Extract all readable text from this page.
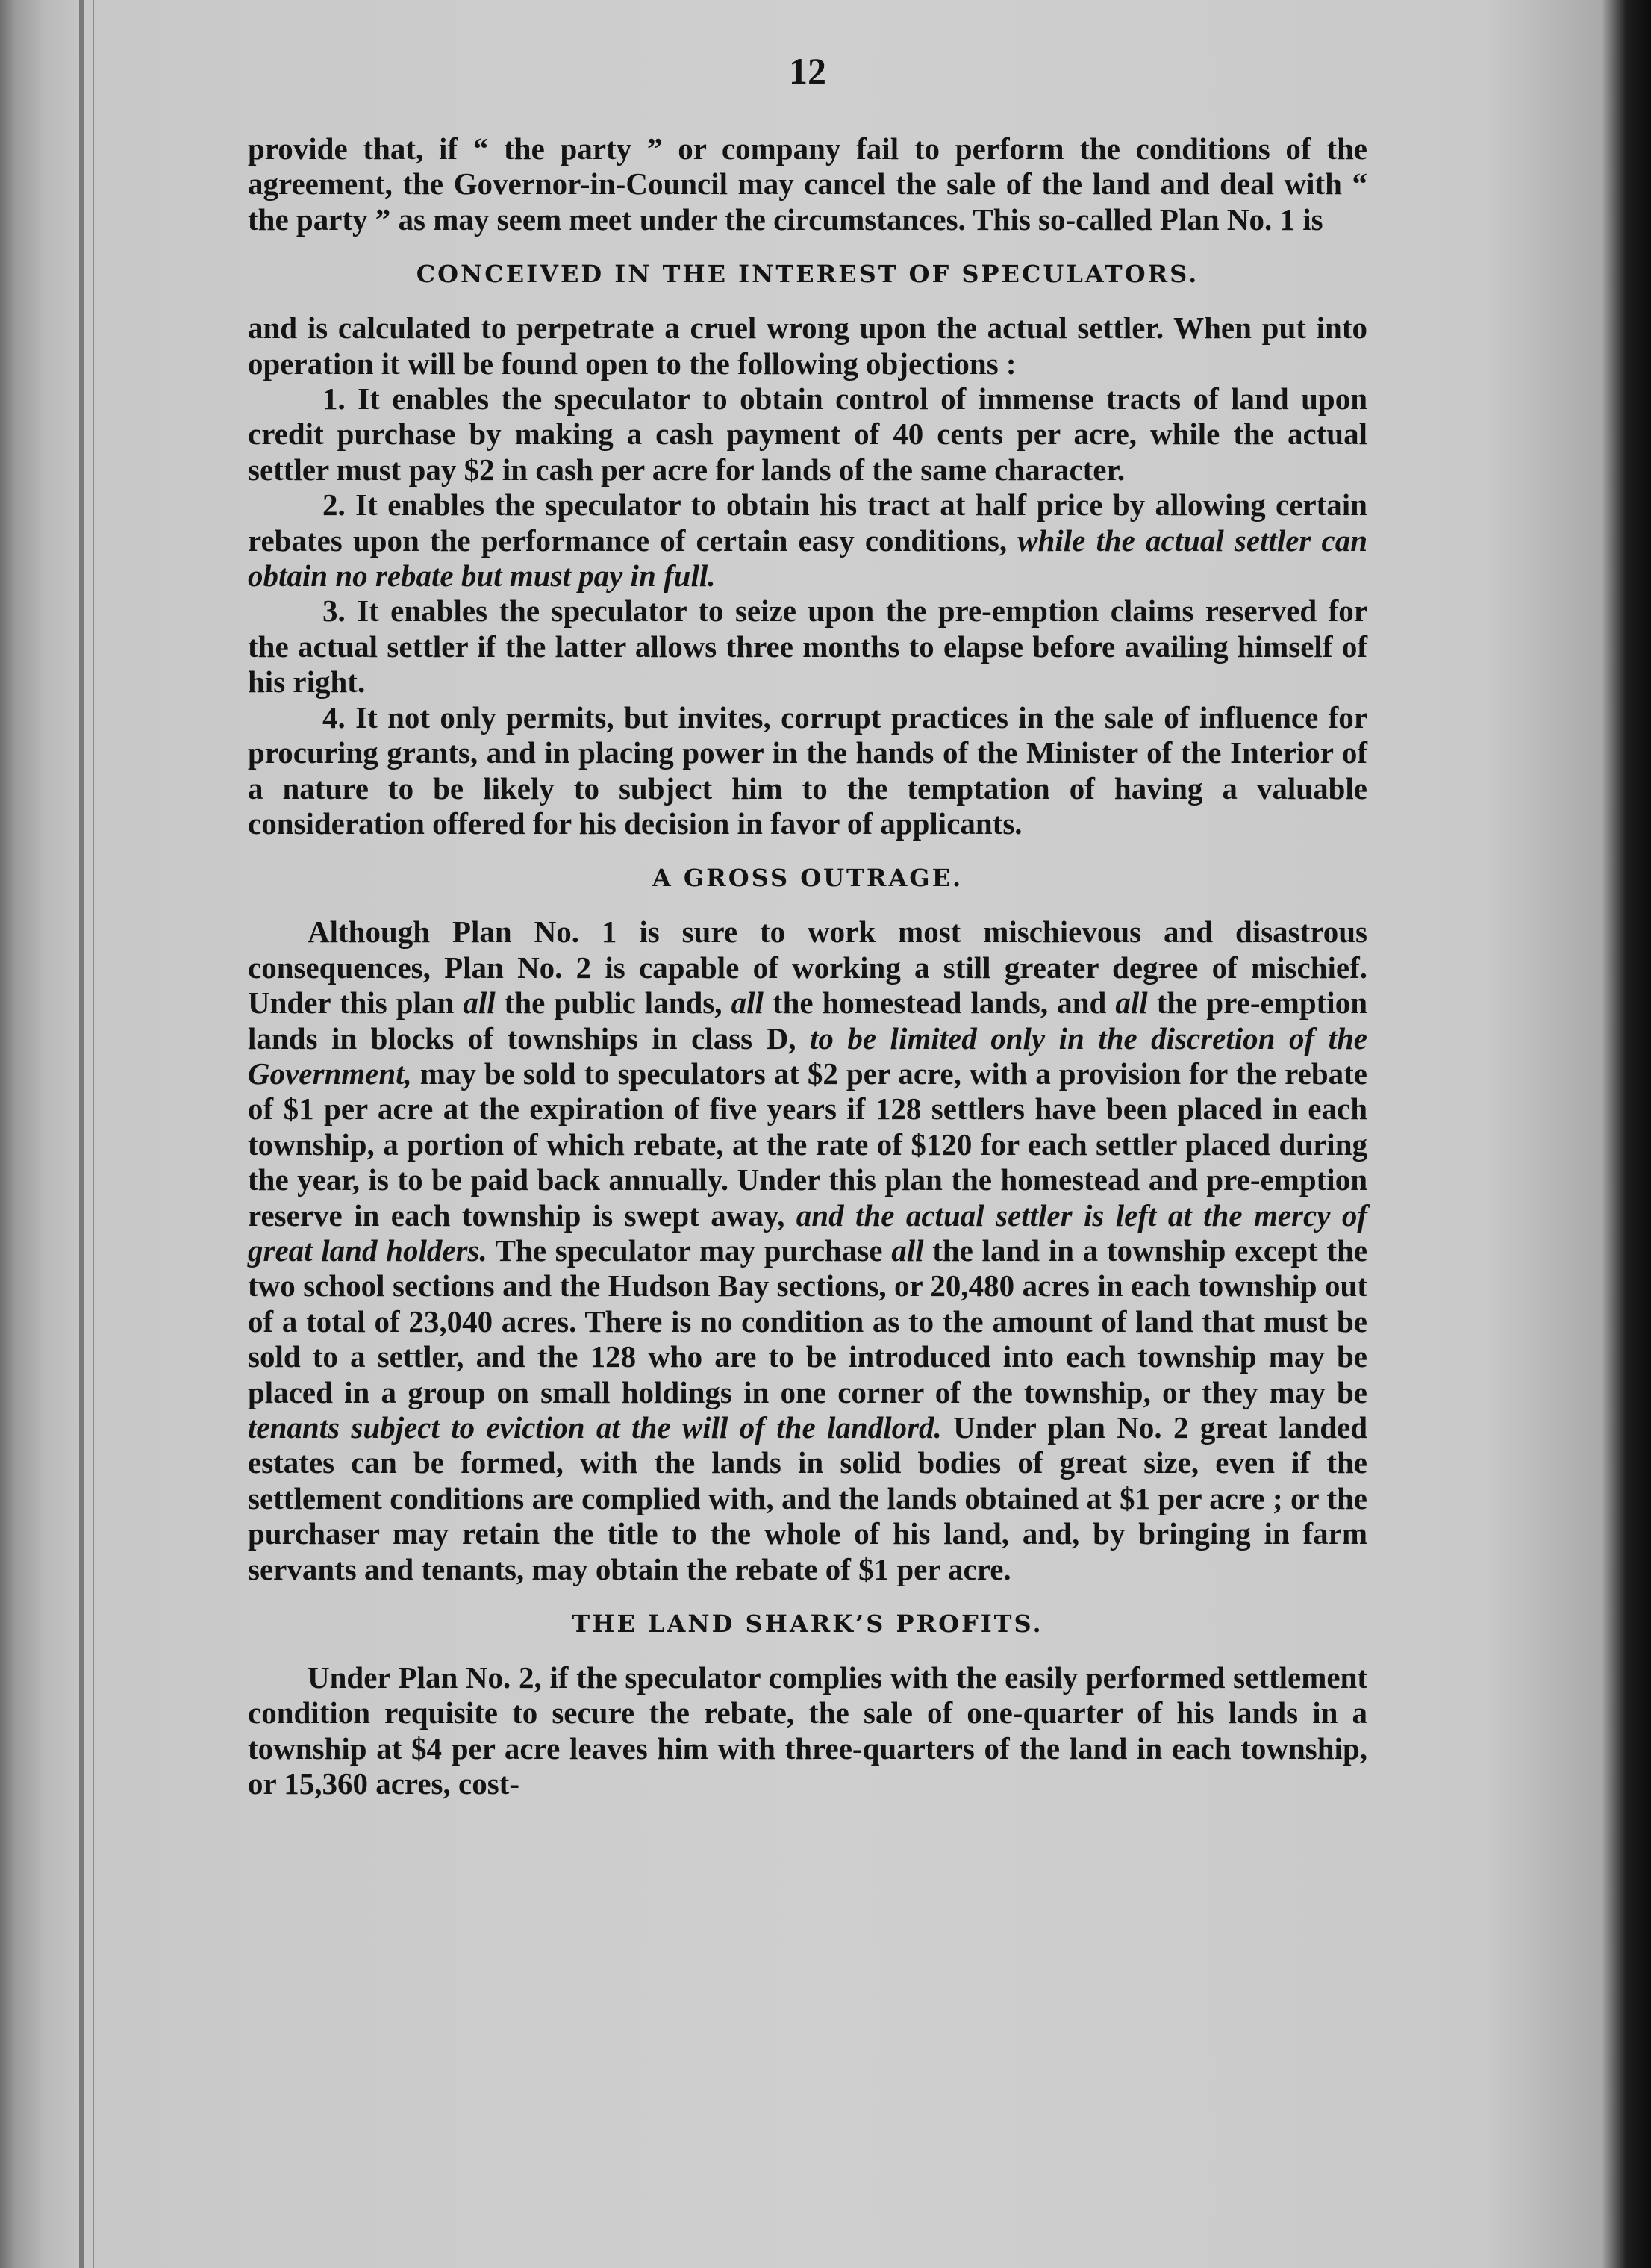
12

provide that, if “ the party ” or company fail to perform the conditions of the agreement, the Governor-in-Council may cancel the sale of the land and deal with “ the party ” as may seem meet under the circumstances. This so-called Plan No. 1 is

CONCEIVED IN THE INTEREST OF SPECULATORS.

and is calculated to perpetrate a cruel wrong upon the actual settler. When put into operation it will be found open to the following objections :

1. It enables the speculator to obtain control of immense tracts of land upon credit purchase by making a cash payment of 40 cents per acre, while the actual settler must pay $2 in cash per acre for lands of the same character.

2. It enables the speculator to obtain his tract at half price by allowing certain rebates upon the performance of certain easy conditions, while the actual settler can obtain no rebate but must pay in full.

3. It enables the speculator to seize upon the pre-emption claims reserved for the actual settler if the latter allows three months to elapse before availing himself of his right.

4. It not only permits, but invites, corrupt practices in the sale of influence for procuring grants, and in placing power in the hands of the Minister of the Interior of a nature to be likely to subject him to the temptation of having a valuable consideration offered for his decision in favor of applicants.

A GROSS OUTRAGE.

Although Plan No. 1 is sure to work most mischievous and disastrous consequences, Plan No. 2 is capable of working a still greater degree of mischief. Under this plan all the public lands, all the homestead lands, and all the pre-emption lands in blocks of townships in class D, to be limited only in the discretion of the Government, may be sold to speculators at $2 per acre, with a provision for the rebate of $1 per acre at the expiration of five years if 128 settlers have been placed in each township, a portion of which rebate, at the rate of $120 for each settler placed during the year, is to be paid back annually. Under this plan the homestead and pre-emption reserve in each township is swept away, and the actual settler is left at the mercy of great land holders. The speculator may purchase all the land in a township except the two school sections and the Hudson Bay sections, or 20,480 acres in each township out of a total of 23,040 acres. There is no condition as to the amount of land that must be sold to a settler, and the 128 who are to be introduced into each township may be placed in a group on small holdings in one corner of the township, or they may be tenants subject to eviction at the will of the landlord. Under plan No. 2 great landed estates can be formed, with the lands in solid bodies of great size, even if the settlement conditions are complied with, and the lands obtained at $1 per acre ; or the purchaser may retain the title to the whole of his land, and, by bringing in farm servants and tenants, may obtain the rebate of $1 per acre.

THE LAND SHARK’S PROFITS.

Under Plan No. 2, if the speculator complies with the easily performed settlement condition requisite to secure the rebate, the sale of one-quarter of his lands in a township at $4 per acre leaves him with three-quarters of the land in each township, or 15,360 acres, cost-
